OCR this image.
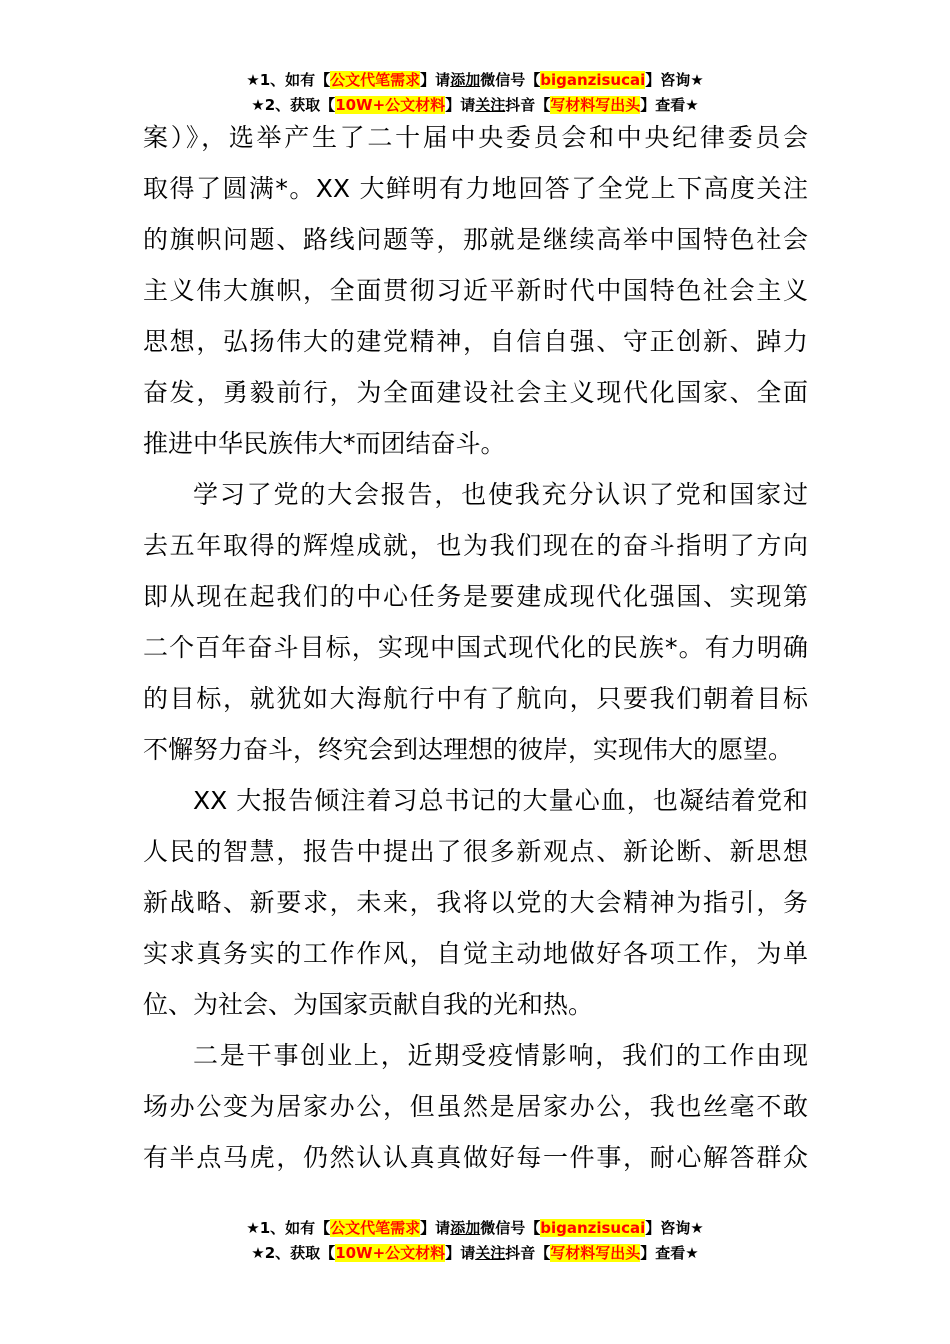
★1、如有【公文代笔需求】请添加微信号【biganzisucai】咨询★
★2、获取【10W+公文材料】请关注抖音【写材料写出头】查看★
案）》，选举产生了二十届中央委员会和中央纪律委员会
取得了圆满*。XX 大鲜明有力地回答了全党上下高度关注
的旗帜问题、路线问题等，那就是继续高举中国特色社会
主义伟大旗帜，全面贯彻习近平新时代中国特色社会主义
思想，弘扬伟大的建党精神，自信自强、守正创新、踔力
奋发，勇毅前行，为全面建设社会主义现代化国家、全面
推进中华民族伟大*而团结奋斗。
学习了党的大会报告，也使我充分认识了党和国家过
去五年取得的辉煌成就，也为我们现在的奋斗指明了方向
即从现在起我们的中心任务是要建成现代化强国、实现第
二个百年奋斗目标，实现中国式现代化的民族*。有力明确
的目标，就犹如大海航行中有了航向，只要我们朝着目标
不懈努力奋斗，终究会到达理想的彼岸，实现伟大的愿望。
XX 大报告倾注着习总书记的大量心血，也凝结着党和
人民的智慧，报告中提出了很多新观点、新论断、新思想
新战略、新要求，未来，我将以党的大会精神为指引，务
实求真务实的工作作风，自觉主动地做好各项工作，为单
位、为社会、为国家贡献自我的光和热。
二是干事创业上，近期受疫情影响，我们的工作由现
场办公变为居家办公，但虽然是居家办公，我也丝毫不敢
有半点马虎，仍然认认真真做好每一件事，耐心解答群众
★1、如有【公文代笔需求】请添加微信号【biganzisucai】咨询★
★2、获取【10W+公文材料】请关注抖音【写材料写出头】查看★
